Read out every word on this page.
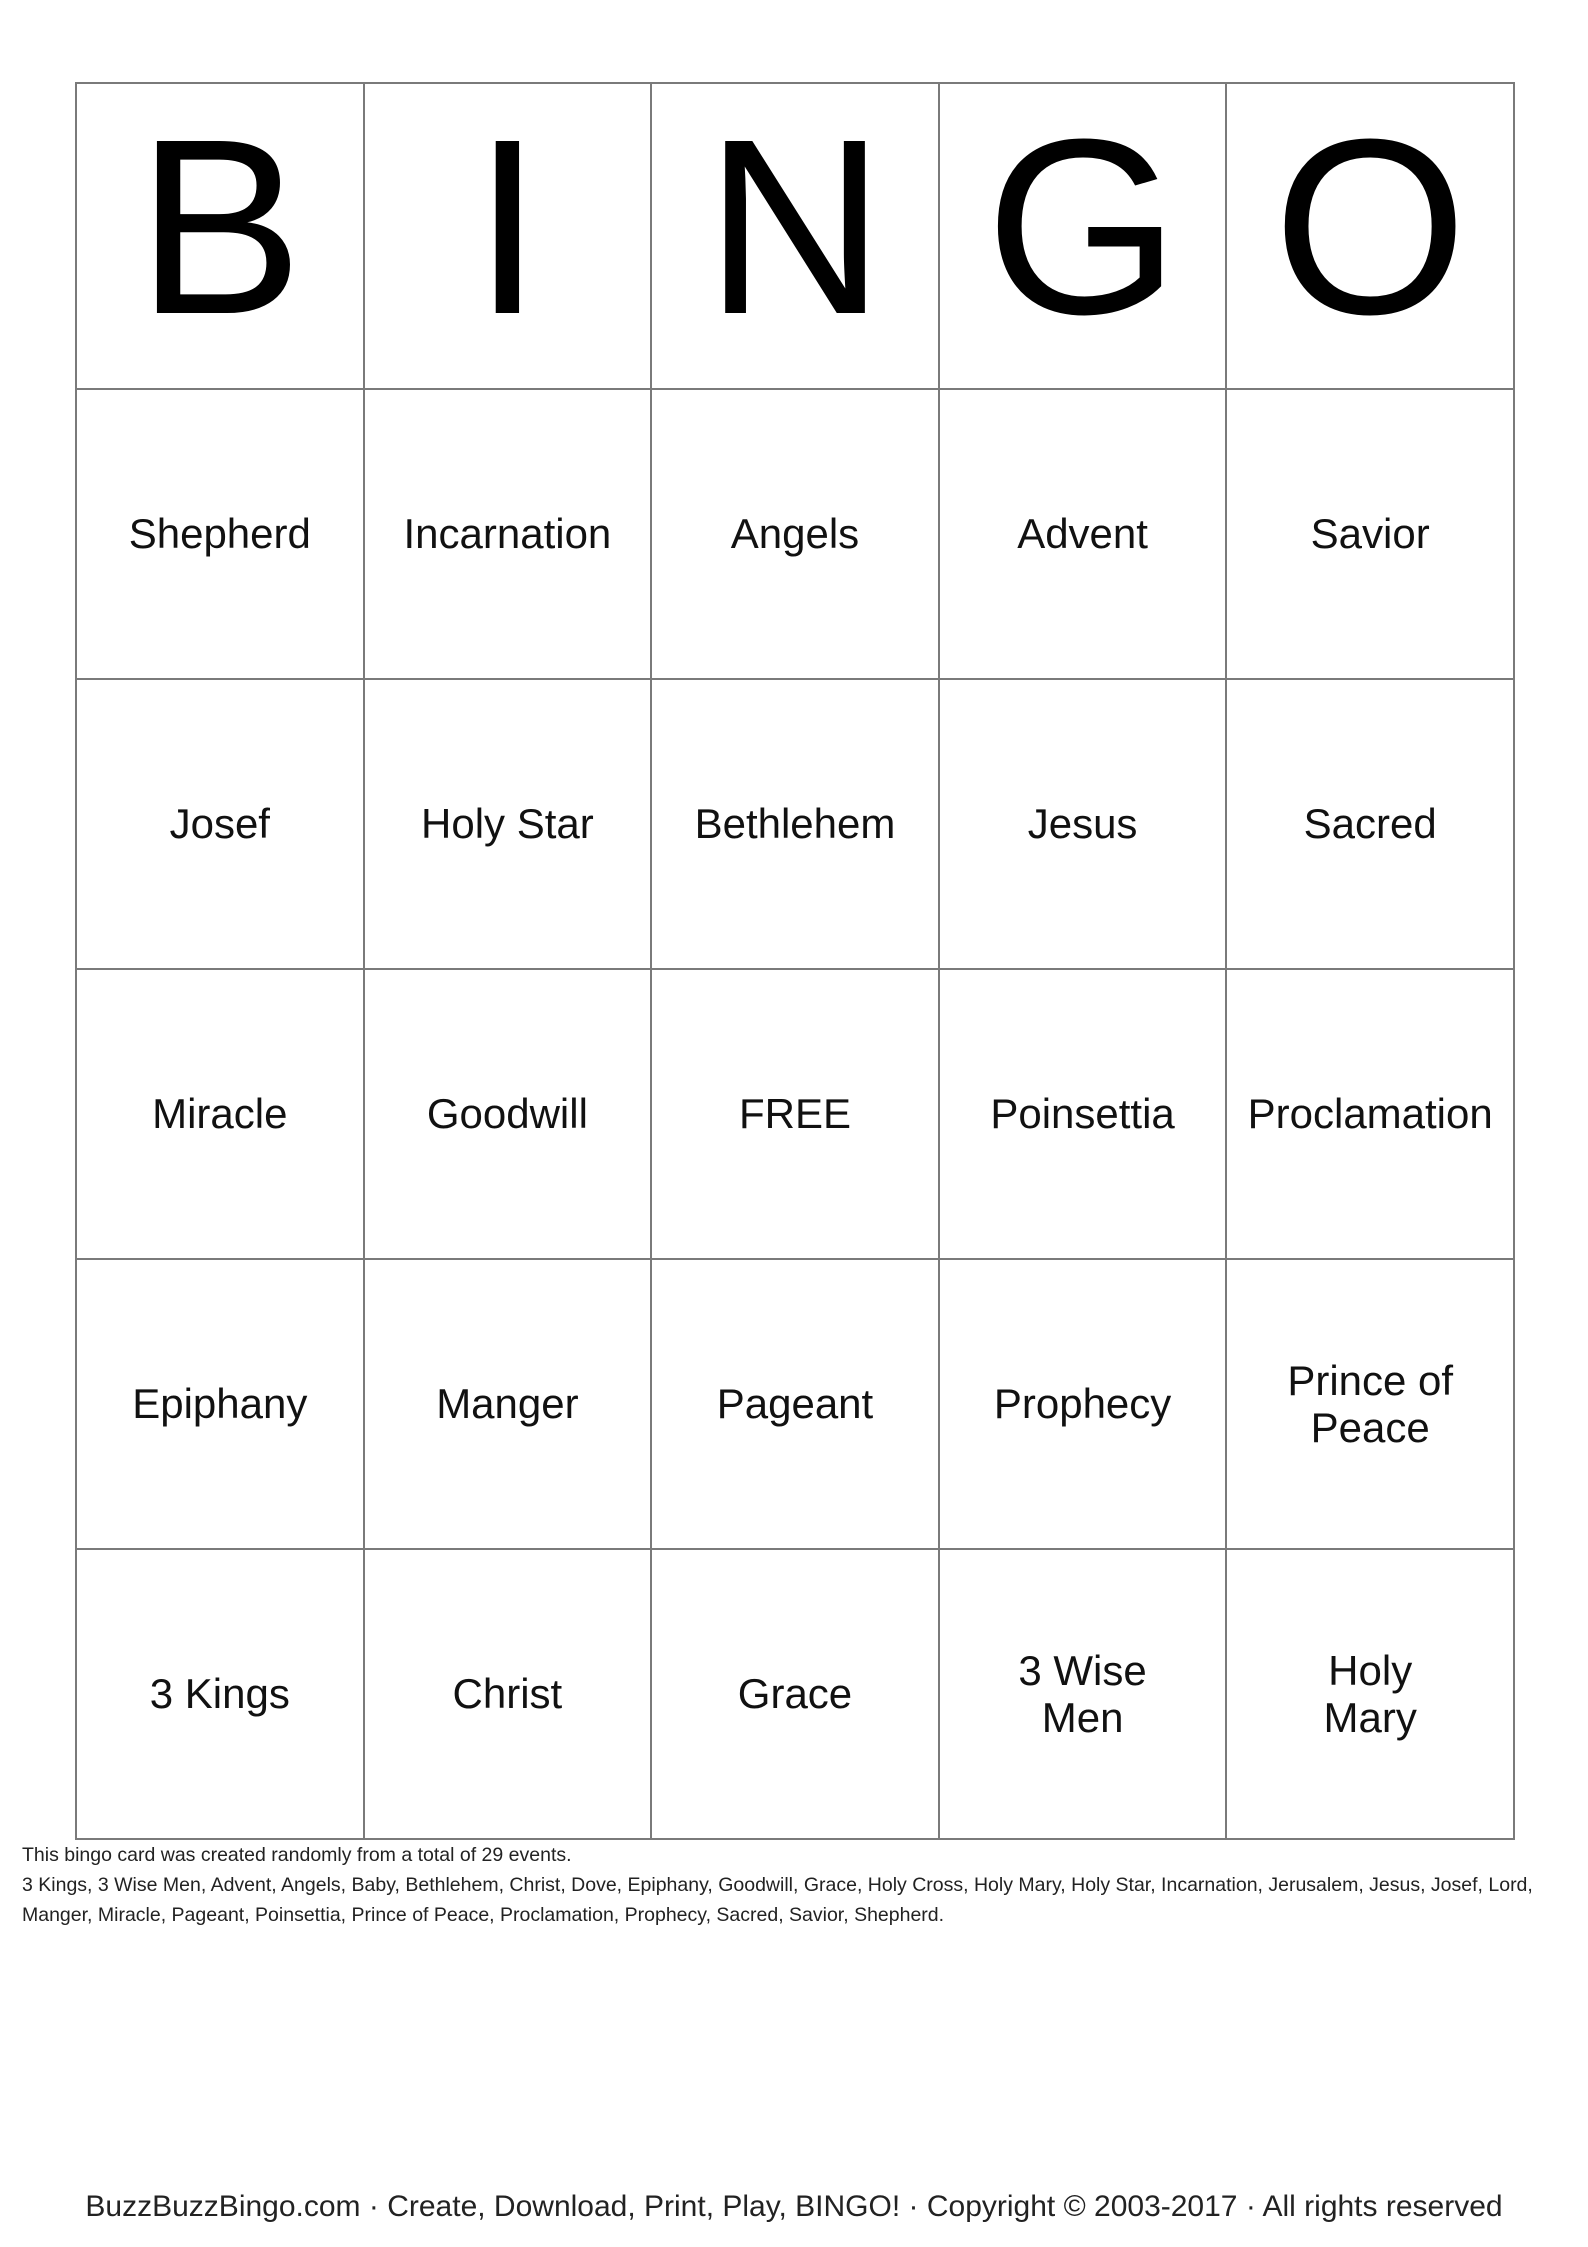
B	I	N	G	O
Shepherd	Incarnation	Angels	Advent	Savior
Josef	Holy Star	Bethlehem	Jesus	Sacred
Miracle	Goodwill	FREE	Poinsettia	Proclamation
Epiphany	Manger	Pageant	Prophecy	Prince of Peace
3 Kings	Christ	Grace	3 Wise Men	Holy Mary

This bingo card was created randomly from a total of 29 events.

3 Kings, 3 Wise Men, Advent, Angels, Baby, Bethlehem, Christ, Dove, Epiphany, Goodwill, Grace, Holy Cross, Holy Mary, Holy Star, Incarnation, Jerusalem, Jesus, Josef, Lord, Manger, Miracle, Pageant, Poinsettia, Prince of Peace, Proclamation, Prophecy, Sacred, Savior, Shepherd.

BuzzBuzzBingo.com · Create, Download, Print, Play, BINGO! · Copyright © 2003-2017 · All rights reserved
